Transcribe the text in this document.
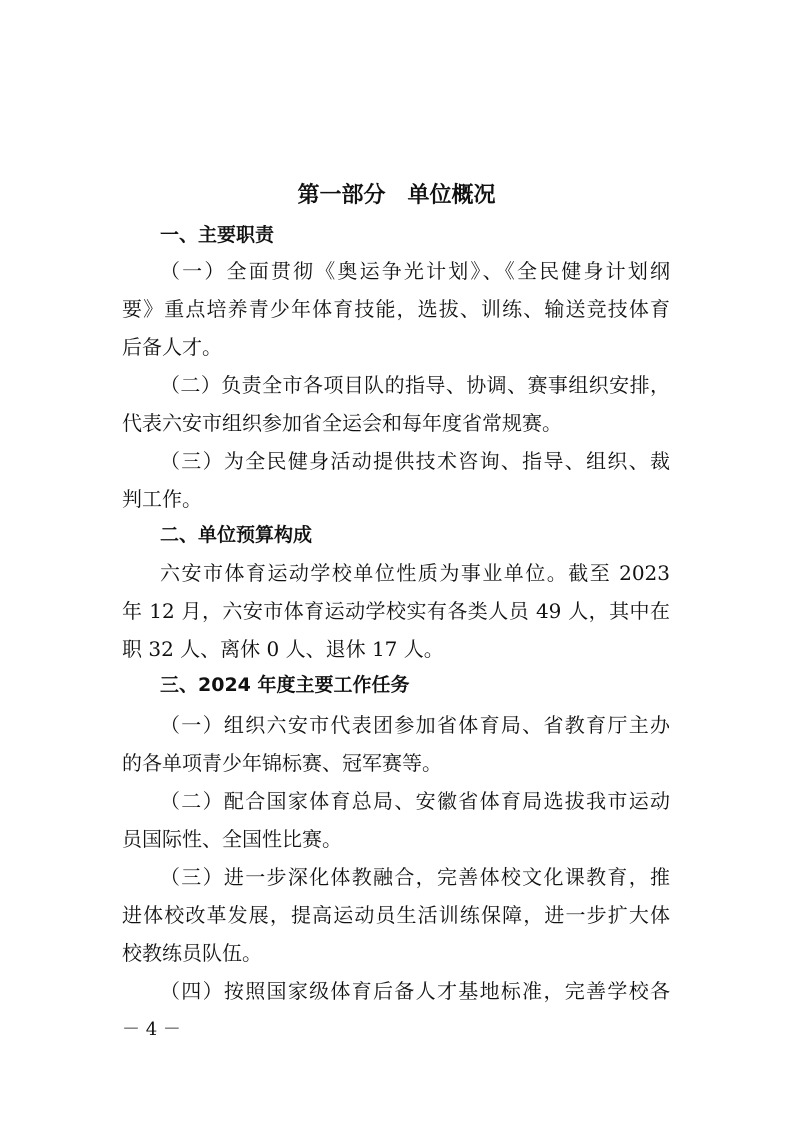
第一部分　单位概况
一、主要职责
（一）全面贯彻《奥运争光计划》、《全民健身计划纲
要》重点培养青少年体育技能，选拔、训练、输送竞技体育
后备人才。
（二）负责全市各项目队的指导、协调、赛事组织安排，
代表六安市组织参加省全运会和每年度省常规赛。
（三）为全民健身活动提供技术咨询、指导、组织、裁
判工作。
二、单位预算构成
六安市体育运动学校单位性质为事业单位。截至 2023
年 12 月，六安市体育运动学校实有各类人员 49 人，其中在
职 32 人、离休 0 人、退休 17 人。
三、2024 年度主要工作任务
（一）组织六安市代表团参加省体育局、省教育厅主办
的各单项青少年锦标赛、冠军赛等。
（二）配合国家体育总局、安徽省体育局选拔我市运动
员国际性、全国性比赛。
（三）进一步深化体教融合，完善体校文化课教育，推
进体校改革发展，提高运动员生活训练保障，进一步扩大体
校教练员队伍。
（四）按照国家级体育后备人才基地标准，完善学校各
－ 4 －
